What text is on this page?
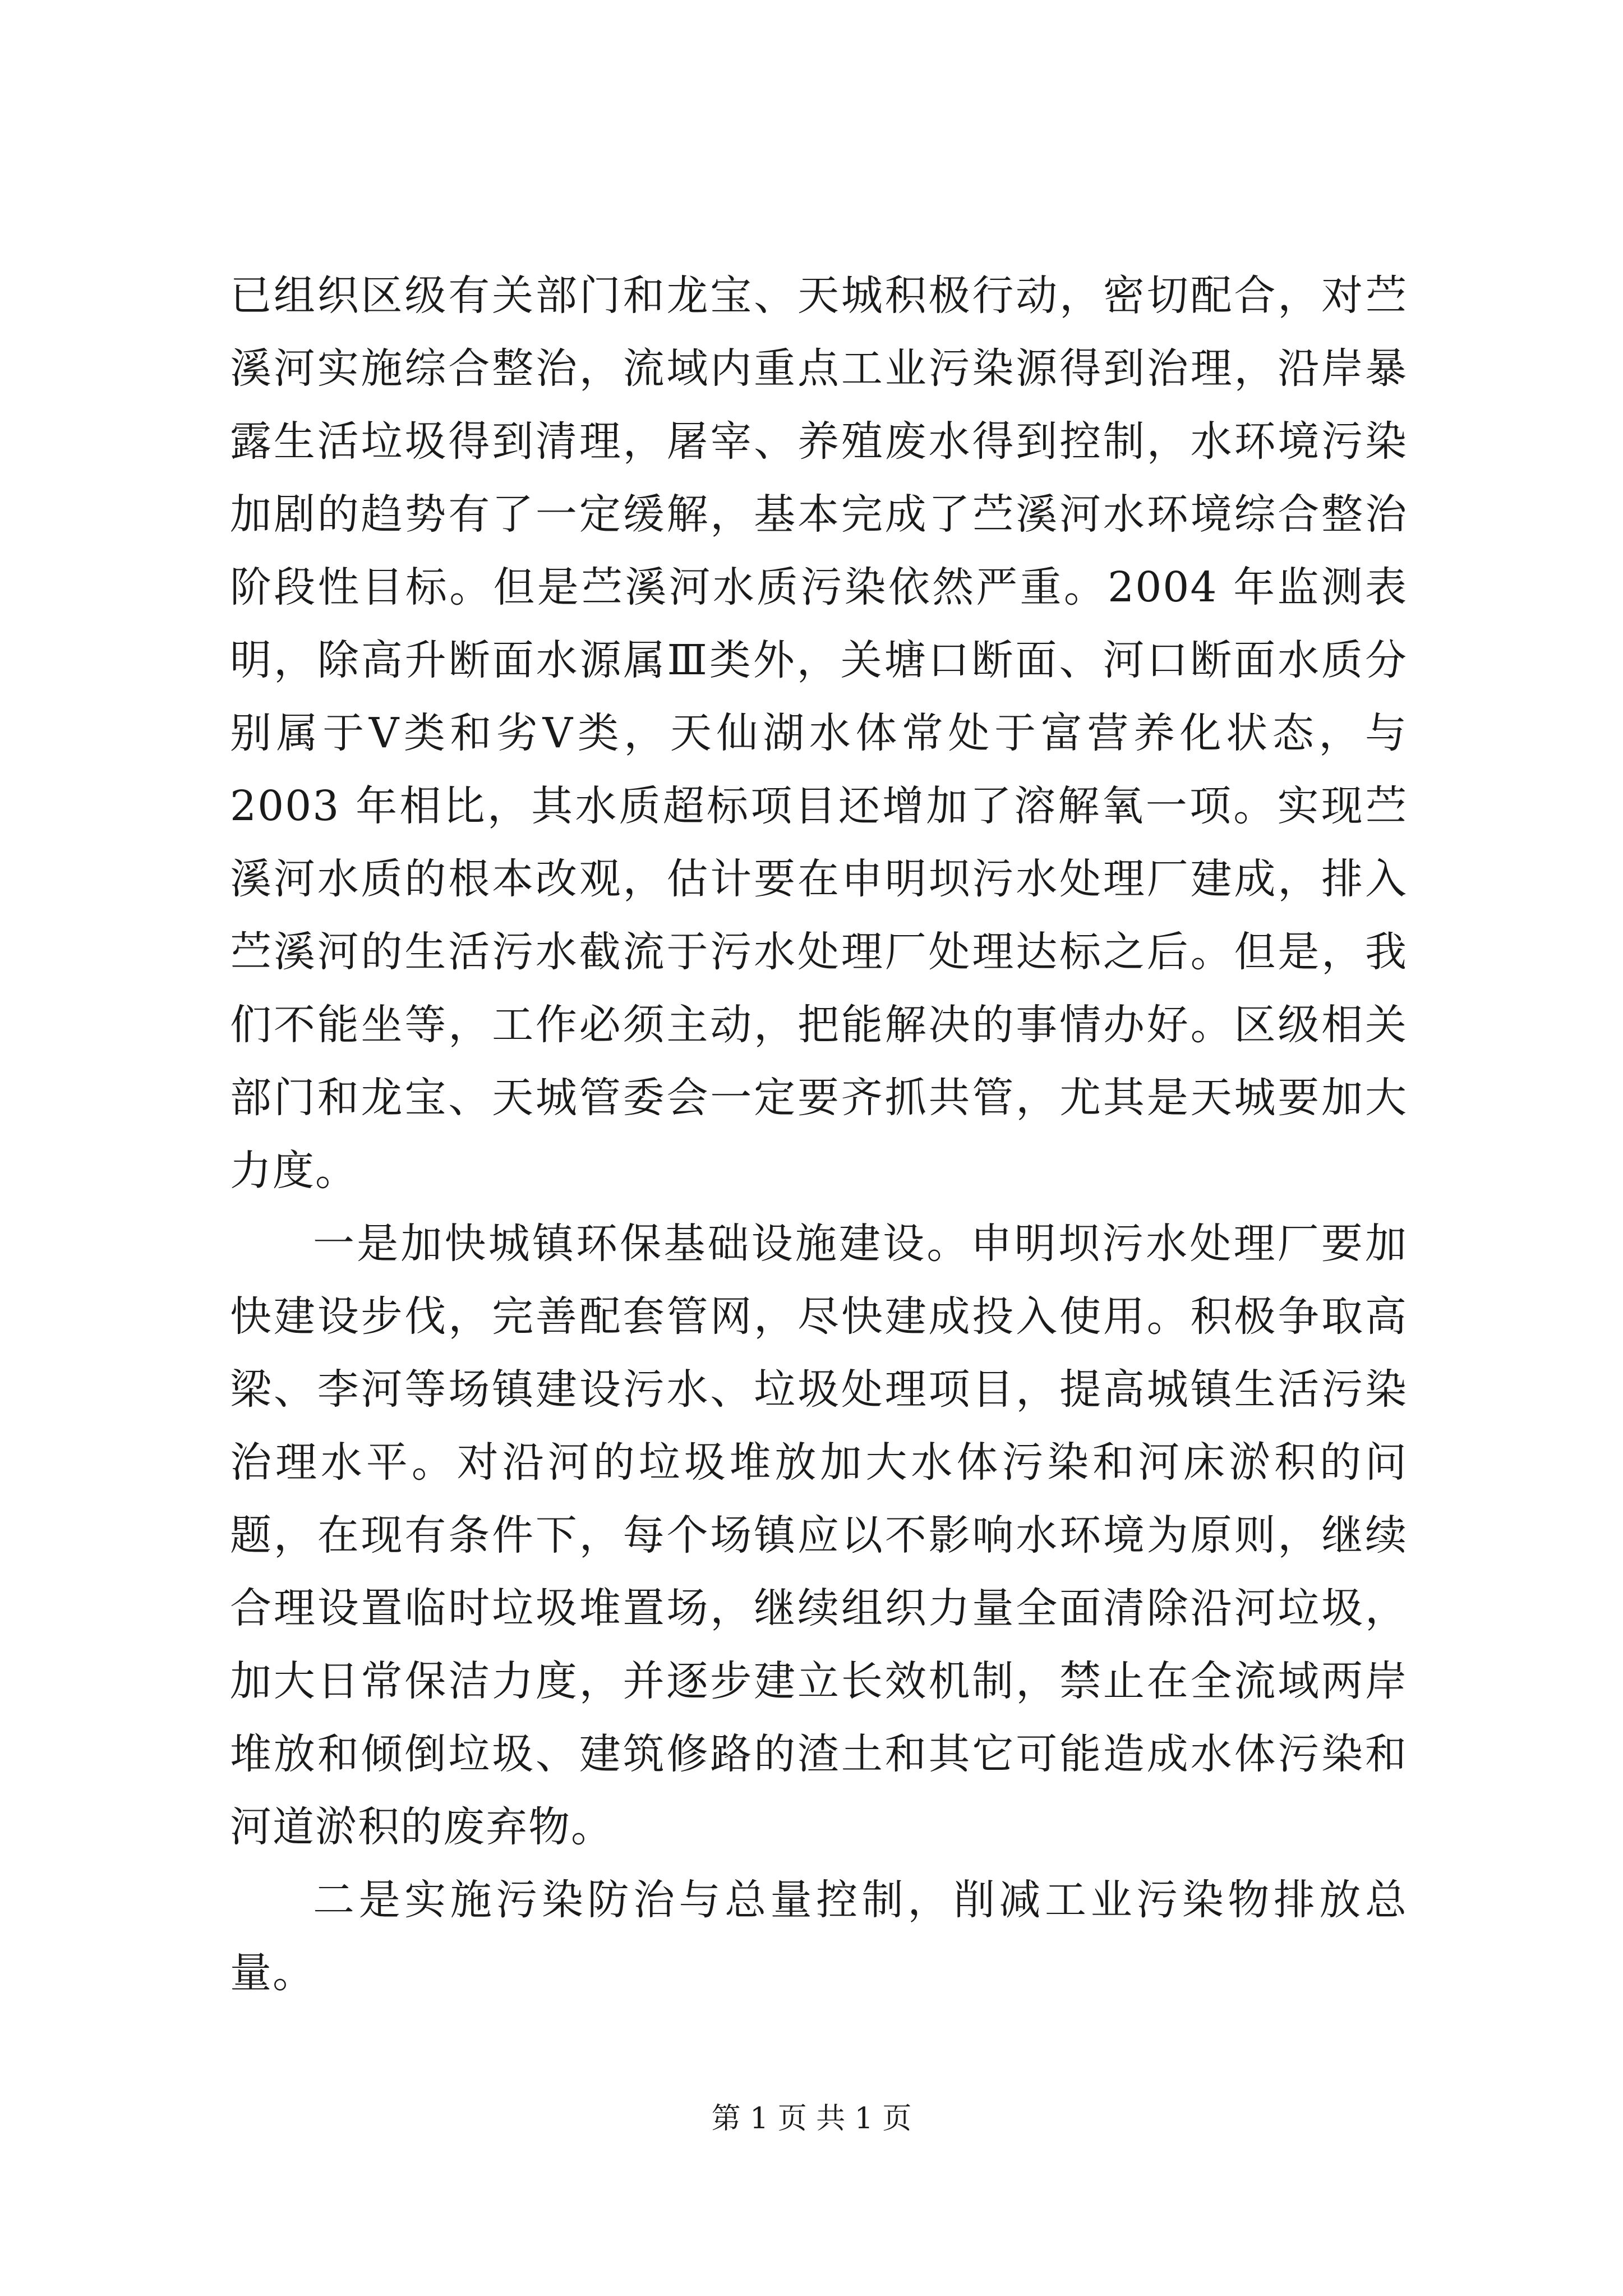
已组织区级有关部门和龙宝、天城积极行动，密切配合，对苎溪河实施综合整治，流域内重点工业污染源得到治理，沿岸暴露生活垃圾得到清理，屠宰、养殖废水得到控制，水环境污染加剧的趋势有了一定缓解，基本完成了苎溪河水环境综合整治阶段性目标。但是苎溪河水质污染依然严重。2004 年监测表明，除高升断面水源属Ⅲ类外，关塘口断面、河口断面水质分别属于Ⅴ类和劣Ⅴ类，天仙湖水体常处于富营养化状态，与 2003 年相比，其水质超标项目还增加了溶解氧一项。实现苎溪河水质的根本改观，估计要在申明坝污水处理厂建成，排入苎溪河的生活污水截流于污水处理厂处理达标之后。但是，我们不能坐等，工作必须主动，把能解决的事情办好。区级相关部门和龙宝、天城管委会一定要齐抓共管，尤其是天城要加大力度。

一是加快城镇环保基础设施建设。申明坝污水处理厂要加快建设步伐，完善配套管网，尽快建成投入使用。积极争取高梁、李河等场镇建设污水、垃圾处理项目，提高城镇生活污染治理水平。对沿河的垃圾堆放加大水体污染和河床淤积的问题，在现有条件下，每个场镇应以不影响水环境为原则，继续合理设置临时垃圾堆置场，继续组织力量全面清除沿河垃圾，加大日常保洁力度，并逐步建立长效机制，禁止在全流域两岸堆放和倾倒垃圾、建筑修路的渣土和其它可能造成水体污染和河道淤积的废弃物。

二是实施污染防治与总量控制，削减工业污染物排放总量。

第 1 页 共 1 页
